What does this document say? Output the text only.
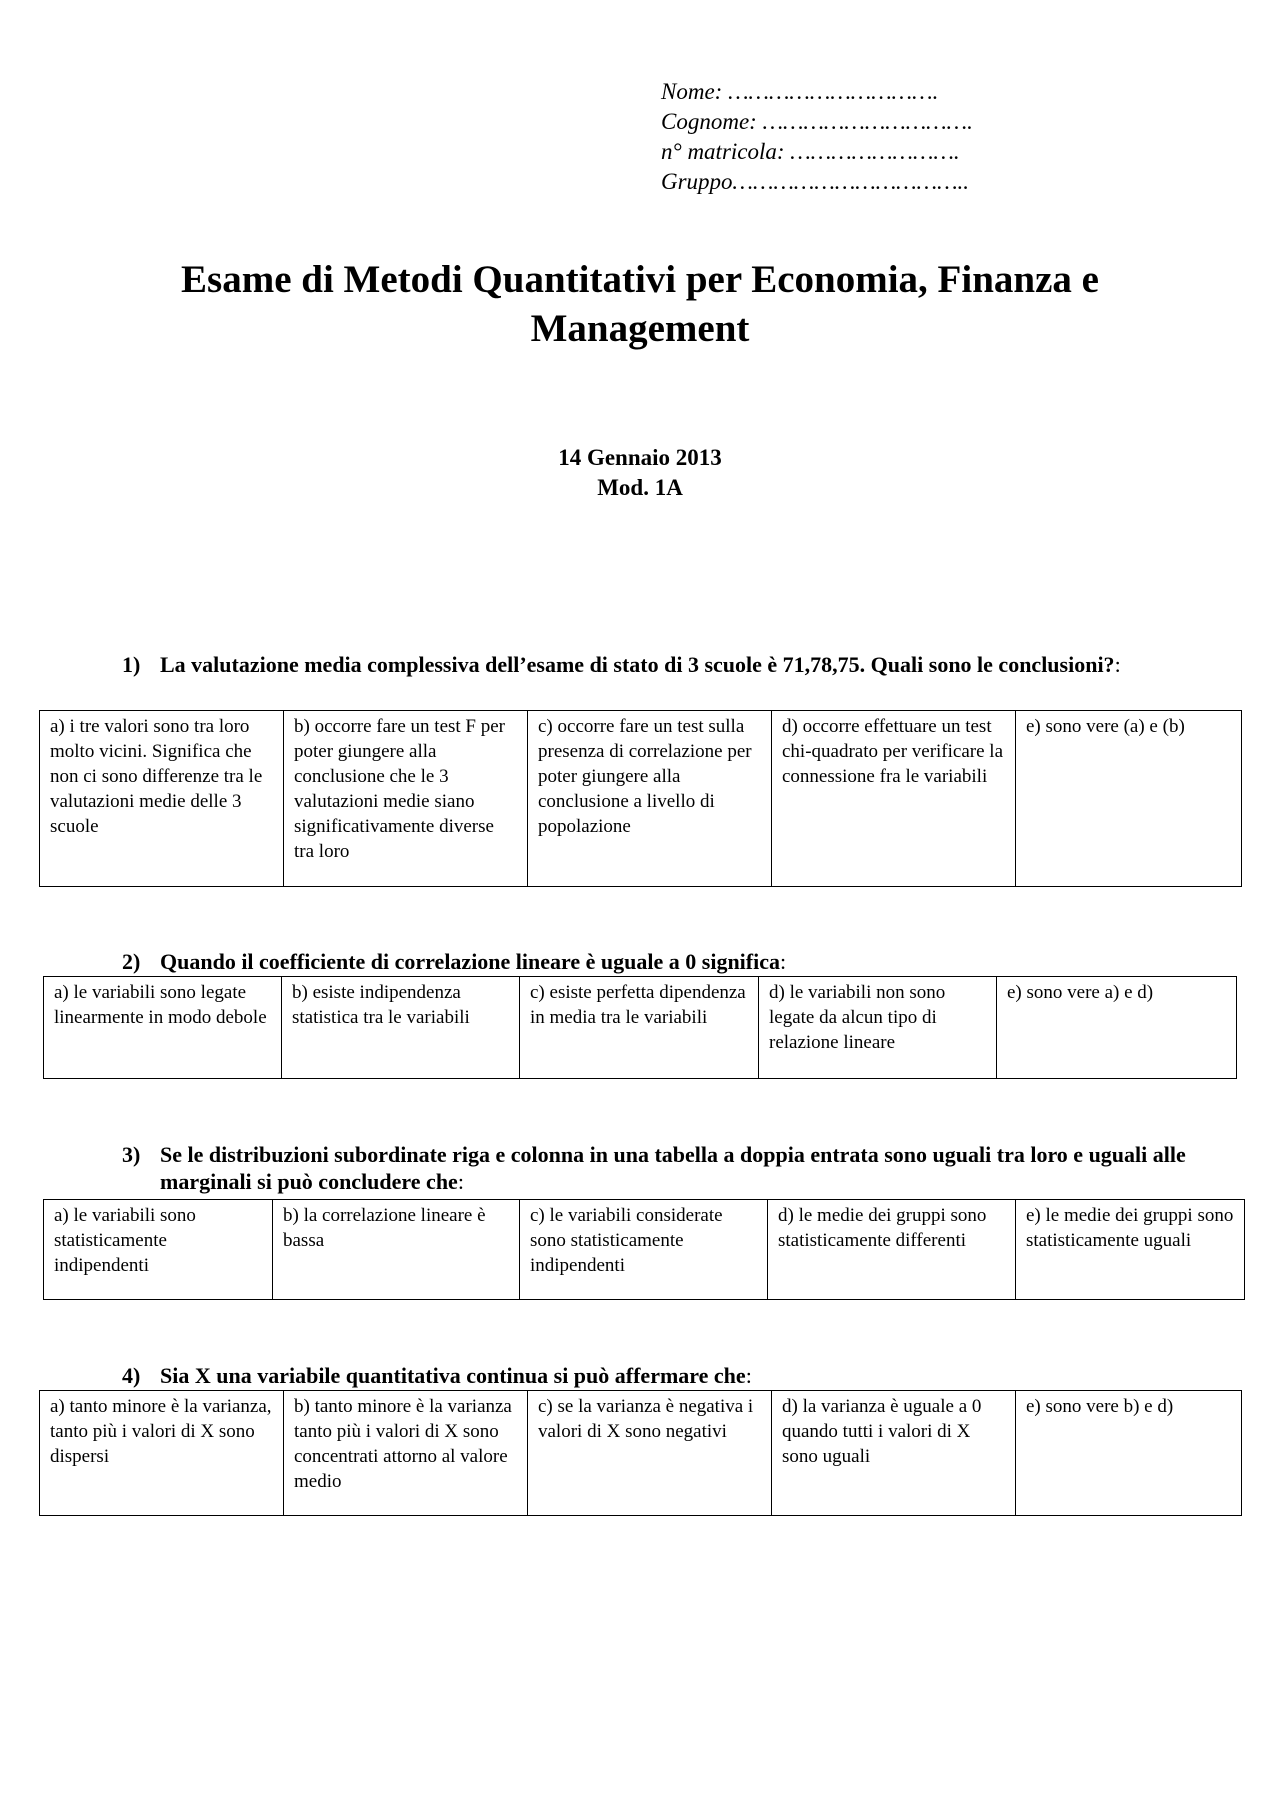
Nome: ………………………….
Cognome: ………………………….
n° matricola: …………………….
Gruppo……………………………..
Esame di Metodi Quantitativi per Economia, Finanza e
Management
14 Gennaio 2013
Mod. 1A
1) La valutazione media complessiva dell’esame di stato di 3 scuole è 71,78,75. Quali sono le conclusioni?:
a) i tre valori sono tra loro molto vicini. Significa che non ci sono differenze tra le valutazioni medie delle 3 scuole	b) occorre fare un test F per poter giungere alla conclusione che le 3 valutazioni medie siano significativamente diverse tra loro	c) occorre fare un test sulla presenza di correlazione per poter giungere alla conclusione a livello di popolazione	d) occorre effettuare un test chi-quadrato per verificare la connessione fra le variabili	e) sono vere (a) e (b)
2) Quando il coefficiente di correlazione lineare è uguale a 0 significa:
a) le variabili sono legate linearmente in modo debole	b) esiste indipendenza statistica tra le variabili	c) esiste perfetta dipendenza in media tra le variabili	d) le variabili non sono legate da alcun tipo di relazione lineare	e) sono vere a) e d)
3) Se le distribuzioni subordinate riga e colonna in una tabella a doppia entrata sono uguali tra loro e uguali alle marginali si può concludere che:
a) le variabili sono statisticamente indipendenti	b) la correlazione lineare è bassa	c) le variabili considerate sono statisticamente indipendenti	d) le medie dei gruppi sono statisticamente differenti	e) le medie dei gruppi sono statisticamente uguali
4) Sia X una variabile quantitativa continua si può affermare che:
a) tanto minore è la varianza, tanto più i valori di X sono dispersi	b) tanto minore è la varianza tanto più i valori di X sono concentrati attorno al valore medio	c) se la varianza è negativa i valori di X sono negativi	d) la varianza è uguale a 0 quando tutti i valori di X sono uguali	e) sono vere b) e d)
